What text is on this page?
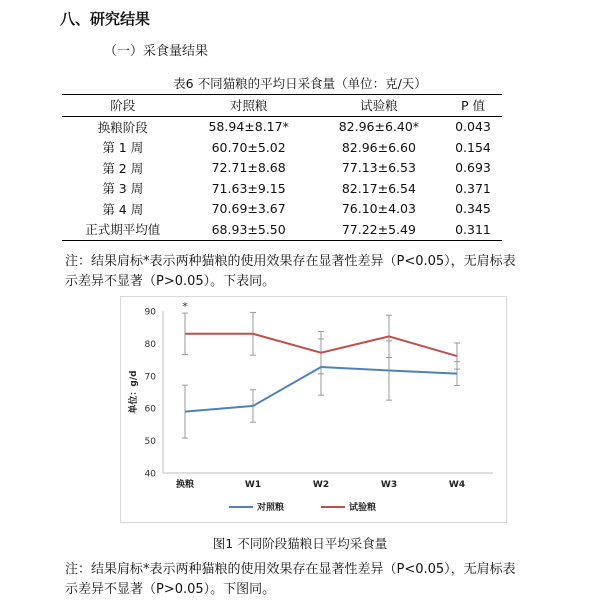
八、研究结果
（一）采食量结果
表6 不同猫粮的平均日采食量（单位：克/天）
阶段	对照粮	试验粮	P 值
换粮阶段	58.94±8.17*	82.96±6.40*	0.043
第 1 周	60.70±5.02	82.96±6.60	0.154
第 2 周	72.71±8.68	77.13±6.53	0.693
第 3 周	71.63±9.15	82.17±6.54	0.371
第 4 周	70.69±3.67	76.10±4.03	0.345
正式期平均值	68.93±5.50	77.22±5.49	0.311
注：结果肩标*表示两种猫粮的使用效果存在显著性差异（P<0.05），无肩标表示差异不显著（P>0.05）。下表同。
40
50
60
70
80
90
换粮	W1	W2	W3	W4
单位：g/d
*
对照粮	试验粮
图1 不同阶段猫粮日平均采食量
注：结果肩标*表示两种猫粮的使用效果存在显著性差异（P<0.05），无肩标表示差异不显著（P>0.05）。下图同。
